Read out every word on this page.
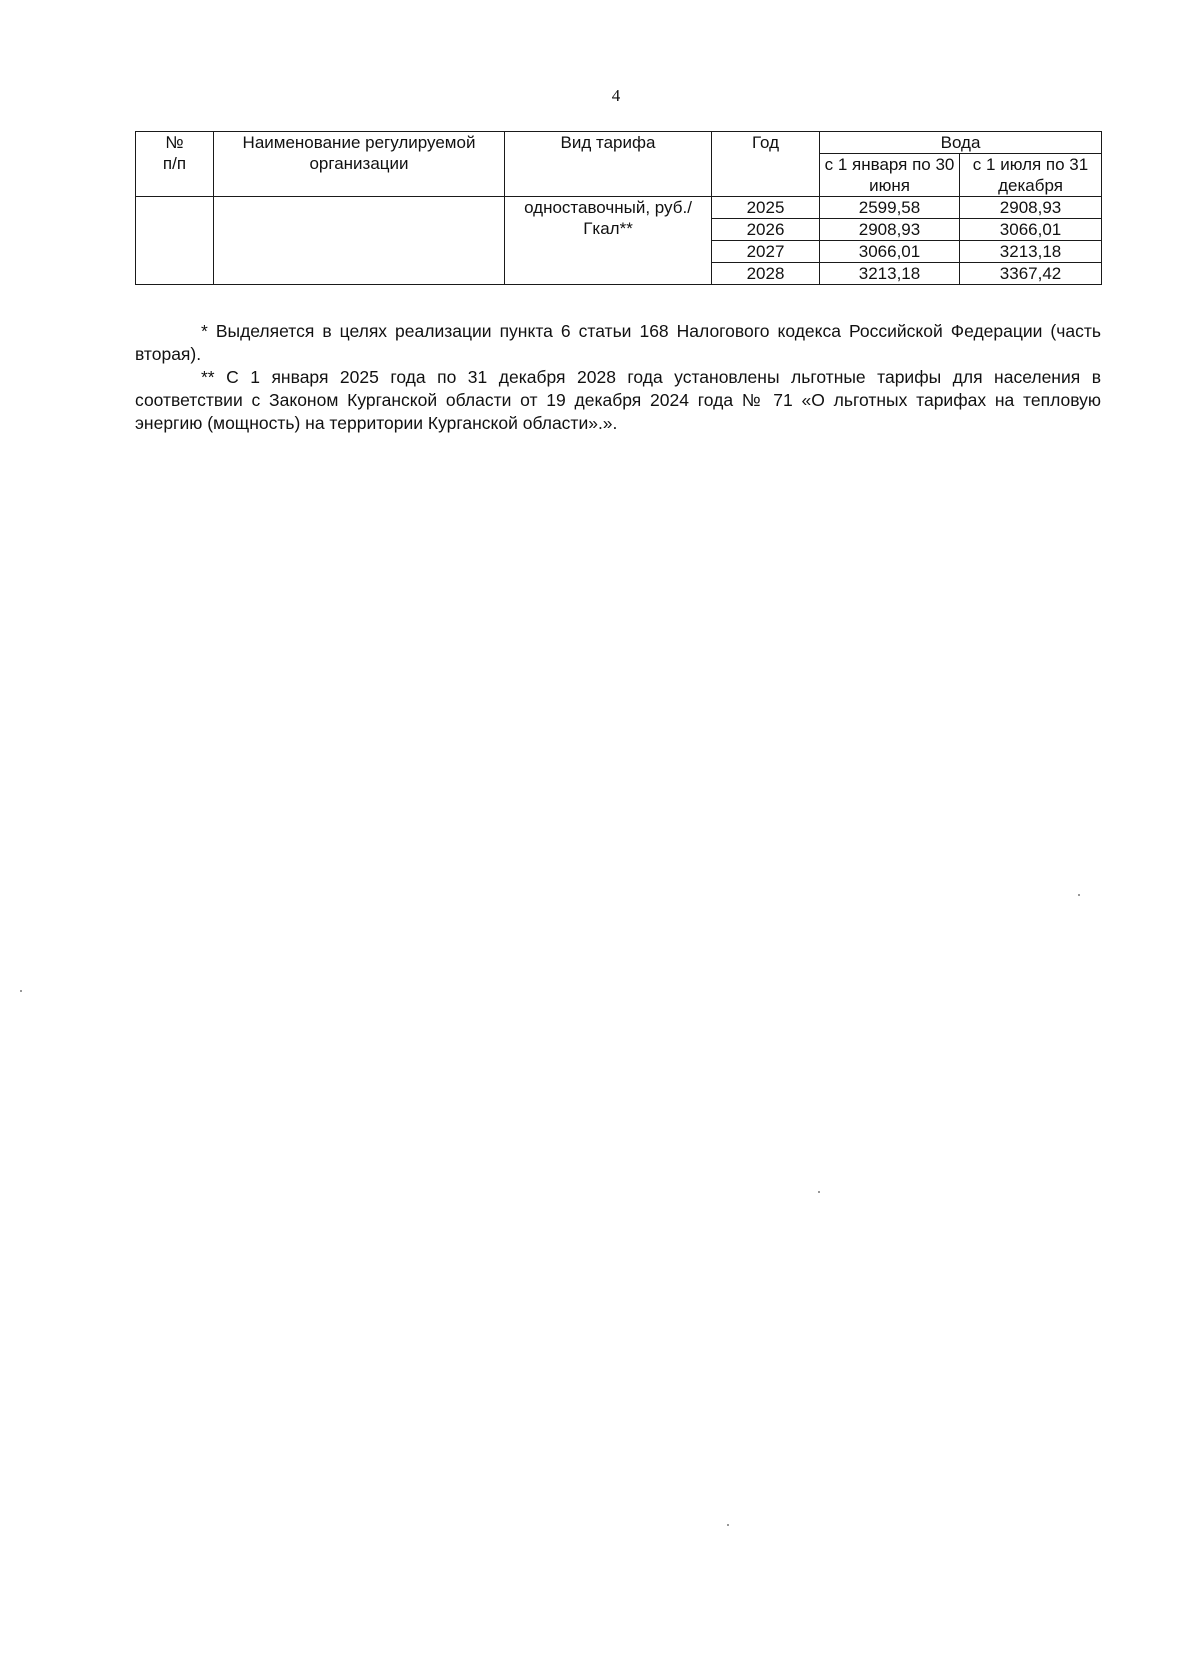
4
№
п/п	Наименование регулируемой организации	Вид тарифа	Год	Вода	
				с 1 января по 30 июня	с 1 июля по 31 декабря
		одноставочный, руб./Гкал**	2025	2599,58	2908,93
			2026	2908,93	3066,01
			2027	3066,01	3213,18
			2028	3213,18	3367,42

* Выделяется в целях реализации пункта 6 статьи 168 Налогового кодекса Российской Федерации (часть вторая).

** С 1 января 2025 года по 31 декабря 2028 года установлены льготные тарифы для населения в соответствии с Законом Курганской области от 19 декабря 2024 года № 71 «О льготных тарифах на тепловую энергию (мощность) на территории Курганской области».».
